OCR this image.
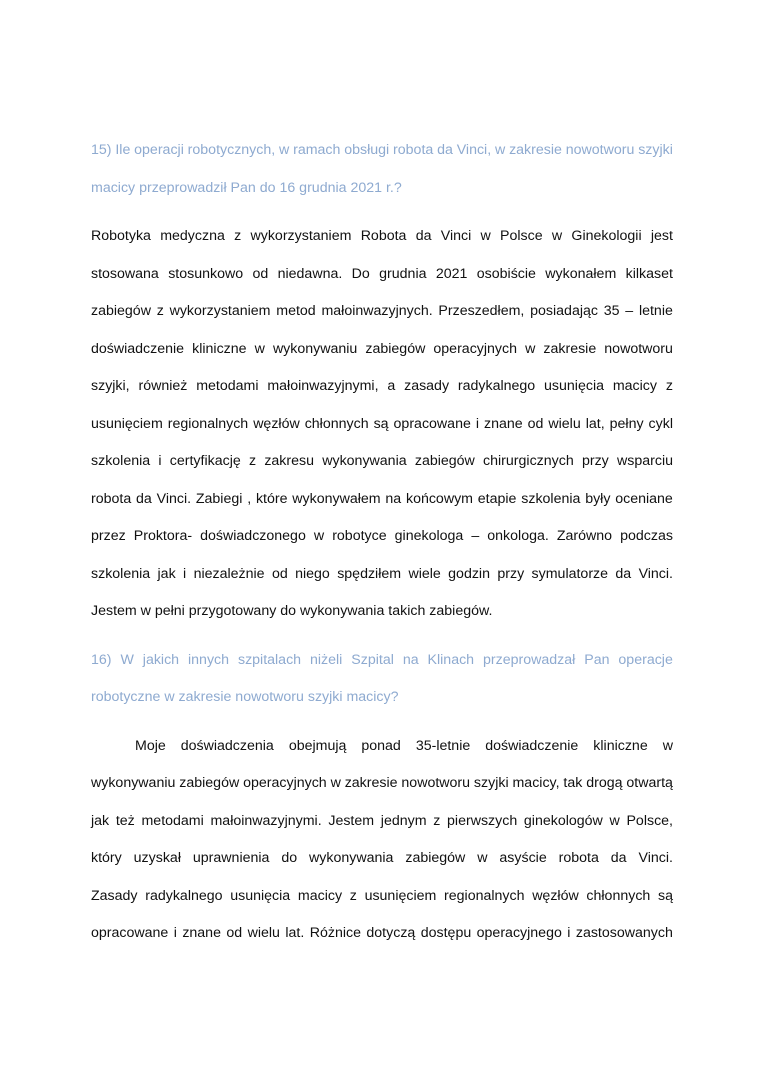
15) Ile operacji robotycznych, w ramach obsługi robota da Vinci, w zakresie nowotworu szyjki
macicy przeprowadził Pan do 16 grudnia 2021 r.?
Robotyka medyczna z wykorzystaniem Robota da Vinci w Polsce w Ginekologii jest
stosowana stosunkowo od niedawna. Do grudnia 2021 osobiście wykonałem kilkaset
zabiegów z wykorzystaniem metod małoinwazyjnych. Przeszedłem, posiadając 35 – letnie
doświadczenie kliniczne w wykonywaniu zabiegów operacyjnych w zakresie nowotworu
szyjki, również metodami małoinwazyjnymi, a zasady radykalnego usunięcia macicy z
usunięciem regionalnych węzłów chłonnych są opracowane i znane od wielu lat, pełny cykl
szkolenia i certyfikację z zakresu wykonywania zabiegów chirurgicznych przy wsparciu
robota da Vinci. Zabiegi , które wykonywałem na końcowym etapie szkolenia były oceniane
przez Proktora- doświadczonego w robotyce ginekologa – onkologa. Zarówno podczas
szkolenia jak i niezależnie od niego spędziłem wiele godzin przy symulatorze da Vinci.
Jestem w pełni przygotowany do wykonywania takich zabiegów.
16) W jakich innych szpitalach niżeli Szpital na Klinach przeprowadzał Pan operacje
robotyczne w zakresie nowotworu szyjki macicy?
Moje doświadczenia obejmują ponad 35-letnie doświadczenie kliniczne w
wykonywaniu zabiegów operacyjnych w zakresie nowotworu szyjki macicy, tak drogą otwartą
jak też metodami małoinwazyjnymi. Jestem jednym z pierwszych ginekologów w Polsce,
który uzyskał uprawnienia do wykonywania zabiegów w asyście robota da Vinci.
Zasady radykalnego usunięcia macicy z usunięciem regionalnych węzłów chłonnych są
opracowane i znane od wielu lat. Różnice dotyczą dostępu operacyjnego i zastosowanych
